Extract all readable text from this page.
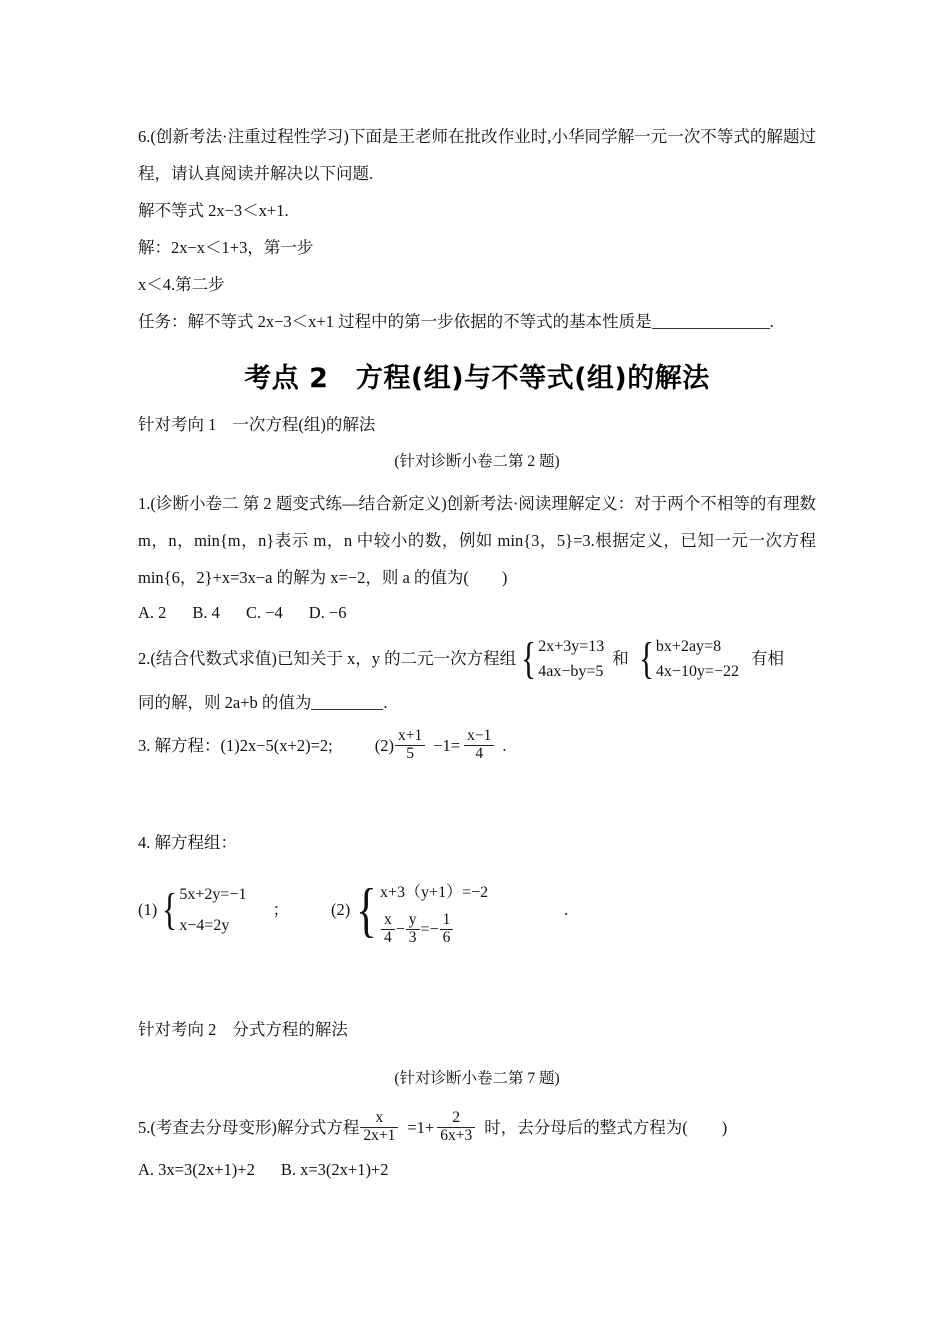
6.(创新考法·注重过程性学习)下面是王老师在批改作业时,小华同学解一元一次不等式的解题过程，请认真阅读并解决以下问题.

解不等式 2x−3＜x+1.

解：2x−x＜1+3，第一步

x＜4.第二步

任务：解不等式 2x−3＜x+1 过程中的第一步依据的不等式的基本性质是	.

考点 2　方程(组)与不等式(组)的解法

针对考向 1 一次方程(组)的解法

(针对诊断小卷二第 2 题)

1.(诊断小卷二 第 2 题变式练—结合新定义)创新考法·阅读理解定义：对于两个不相等的有理数 m，n，min{m，n}表示 m，n 中较小的数，例如 min{3，5}=3.根据定义，已知一元一次方程 min{6，2}+x=3x−a 的解为 x=−2，则 a 的值为(　　)

A. 2 B. 4 C. −4 D. −6

2.(结合代数式求值)已知关于 x，y 的二元一次方程组 { 2x+3y=13
4ax−by=5
和 { bx+2ay=8
4x−10y=−22
有相

同的解，则 2a+b 的值为	.

3. 解方程： (1)2x−5(x+2)=2;	$(2) \frac{x+1}{5} -1= \frac{x-1}{4}$ .

4. 解方程组：

(1) { 5x+2y=−1
x−4=2y
；	(2) { x+3（y+1）=−2
$\frac{x}{4} - \frac{y}{3} =- \frac{1}{6}$
.

针对考向 2 分式方程的解法

(针对诊断小卷二第 7 题)

5.(考查去分母变形)解分式方程 $\frac{x}{2x+1} =1+ \frac{2}{6x+3}$ 时，去分母后的整式方程为( )

A. 3x=3(2x+1)+2 B. x=3(2x+1)+2
